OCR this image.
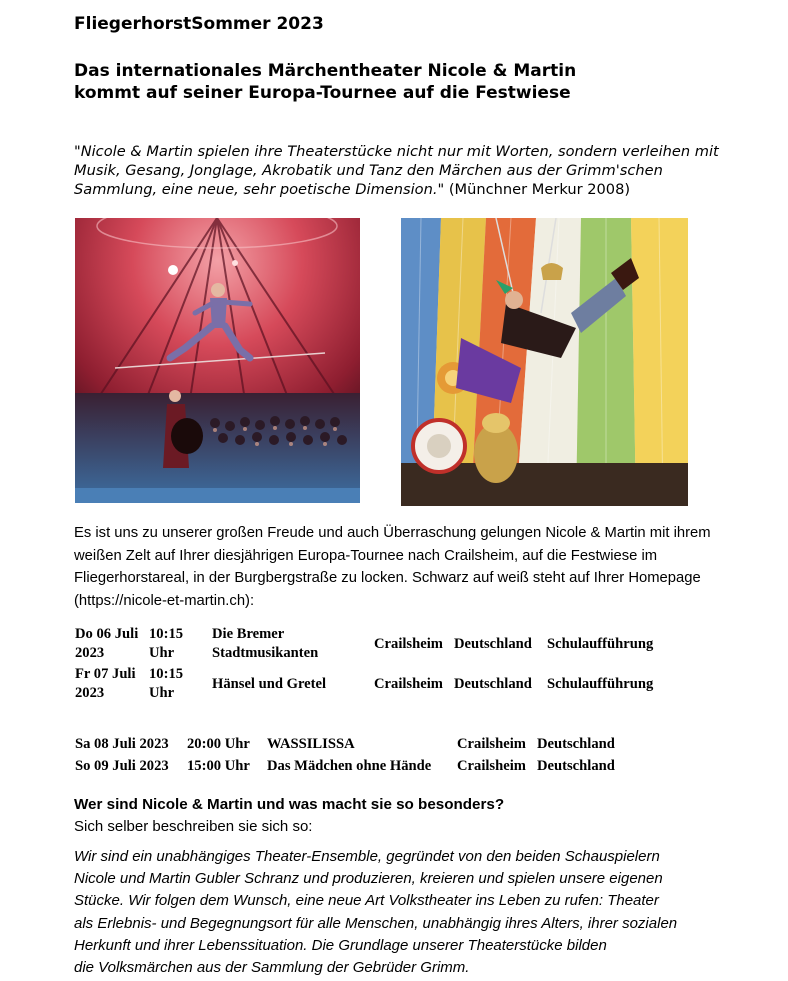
FliegerhorstSommer 2023
Das internationales Märchentheater Nicole & Martin
kommt auf seiner Europa-Tournee auf die Festwiese
"Nicole & Martin spielen ihre Theaterstücke nicht nur mit Worten, sondern verleihen mit Musik, Gesang, Jonglage, Akrobatik und Tanz den Märchen aus der Grimm'schen Sammlung, eine neue, sehr poetische Dimension." (Münchner Merkur 2008)
Es ist uns zu unserer großen Freude und auch Überraschung gelungen Nicole & Martin mit ihrem weißen Zelt auf Ihrer diesjährigen Europa-Tournee nach Crailsheim, auf die Festwiese im Fliegerhorstareal, in der Burgbergstraße zu locken. Schwarz auf weiß steht auf Ihrer Homepage (https://nicole-et-martin.ch):
Do 06 Juli
2023
10:15
Uhr
Die Bremer
Stadtmusikanten
Crailsheim Deutschland Schulaufführung
Fr 07 Juli
2023
10:15
Uhr
Hänsel und Gretel	Crailsheim Deutschland Schulaufführung
Sa 08 Juli 2023 20:00 Uhr WASSILISSA	Crailsheim Deutschland
So 09 Juli 2023 15:00 Uhr Das Mädchen ohne Hände Crailsheim Deutschland
Wer sind Nicole & Martin und was macht sie so besonders?
Sich selber beschreiben sie sich so:
Wir sind ein unabhängiges Theater-Ensemble, gegründet von den beiden Schauspielern
Nicole und Martin Gubler Schranz und produzieren, kreieren und spielen unsere eigenen
Stücke. Wir folgen dem Wunsch, eine neue Art Volkstheater ins Leben zu rufen: Theater
als Erlebnis- und Begegnungsort für alle Menschen, unabhängig ihres Alters, ihrer sozialen
Herkunft und ihrer Lebenssituation. Die Grundlage unserer Theaterstücke bilden
die Volksmärchen aus der Sammlung der Gebrüder Grimm.
